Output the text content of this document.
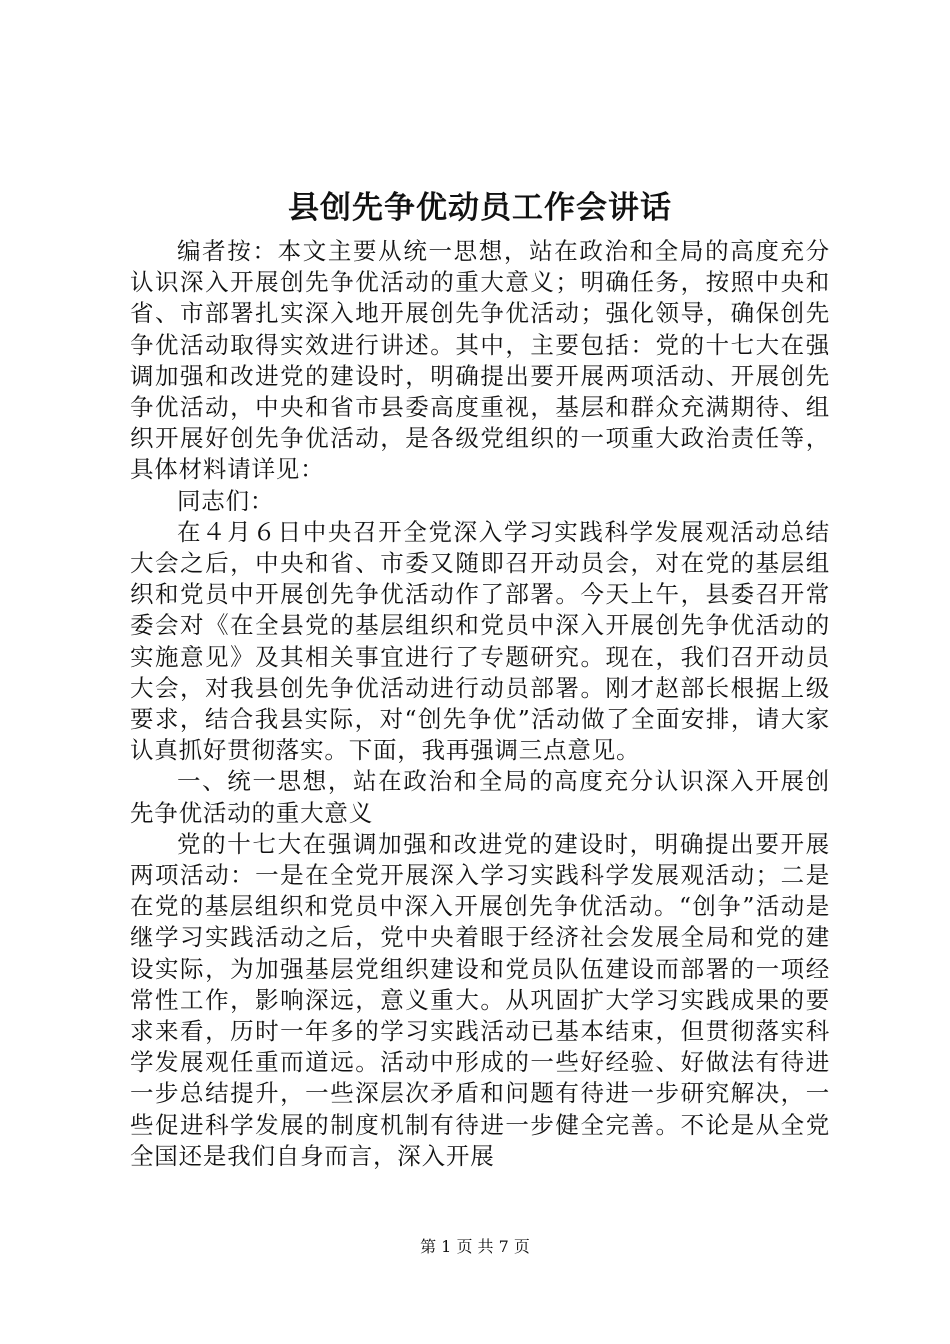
县创先争优动员工作会讲话

编者按：本文主要从统一思想，站在政治和全局的高度充分认识深入开展创先争优活动的重大意义；明确任务，按照中央和省、市部署扎实深入地开展创先争优活动；强化领导，确保创先争优活动取得实效进行讲述。其中，主要包括：党的十七大在强调加强和改进党的建设时，明确提出要开展两项活动、开展创先争优活动，中央和省市县委高度重视，基层和群众充满期待、组织开展好创先争优活动，是各级党组织的一项重大政治责任等，具体材料请详见：

同志们：

在４月６日中央召开全党深入学习实践科学发展观活动总结大会之后，中央和省、市委又随即召开动员会，对在党的基层组织和党员中开展创先争优活动作了部署。今天上午，县委召开常委会对《在全县党的基层组织和党员中深入开展创先争优活动的实施意见》及其相关事宜进行了专题研究。现在，我们召开动员大会，对我县创先争优活动进行动员部署。刚才赵部长根据上级要求，结合我县实际，对“创先争优”活动做了全面安排，请大家认真抓好贯彻落实。下面，我再强调三点意见。

一、统一思想，站在政治和全局的高度充分认识深入开展创先争优活动的重大意义

党的十七大在强调加强和改进党的建设时，明确提出要开展两项活动：一是在全党开展深入学习实践科学发展观活动；二是在党的基层组织和党员中深入开展创先争优活动。“创争”活动是继学习实践活动之后，党中央着眼于经济社会发展全局和党的建设实际，为加强基层党组织建设和党员队伍建设而部署的一项经常性工作，影响深远，意义重大。从巩固扩大学习实践成果的要求来看，历时一年多的学习实践活动已基本结束，但贯彻落实科学发展观任重而道远。活动中形成的一些好经验、好做法有待进一步总结提升，一些深层次矛盾和问题有待进一步研究解决，一些促进科学发展的制度机制有待进一步健全完善。不论是从全党全国还是我们自身而言，深入开展

第 1 页 共 7 页
